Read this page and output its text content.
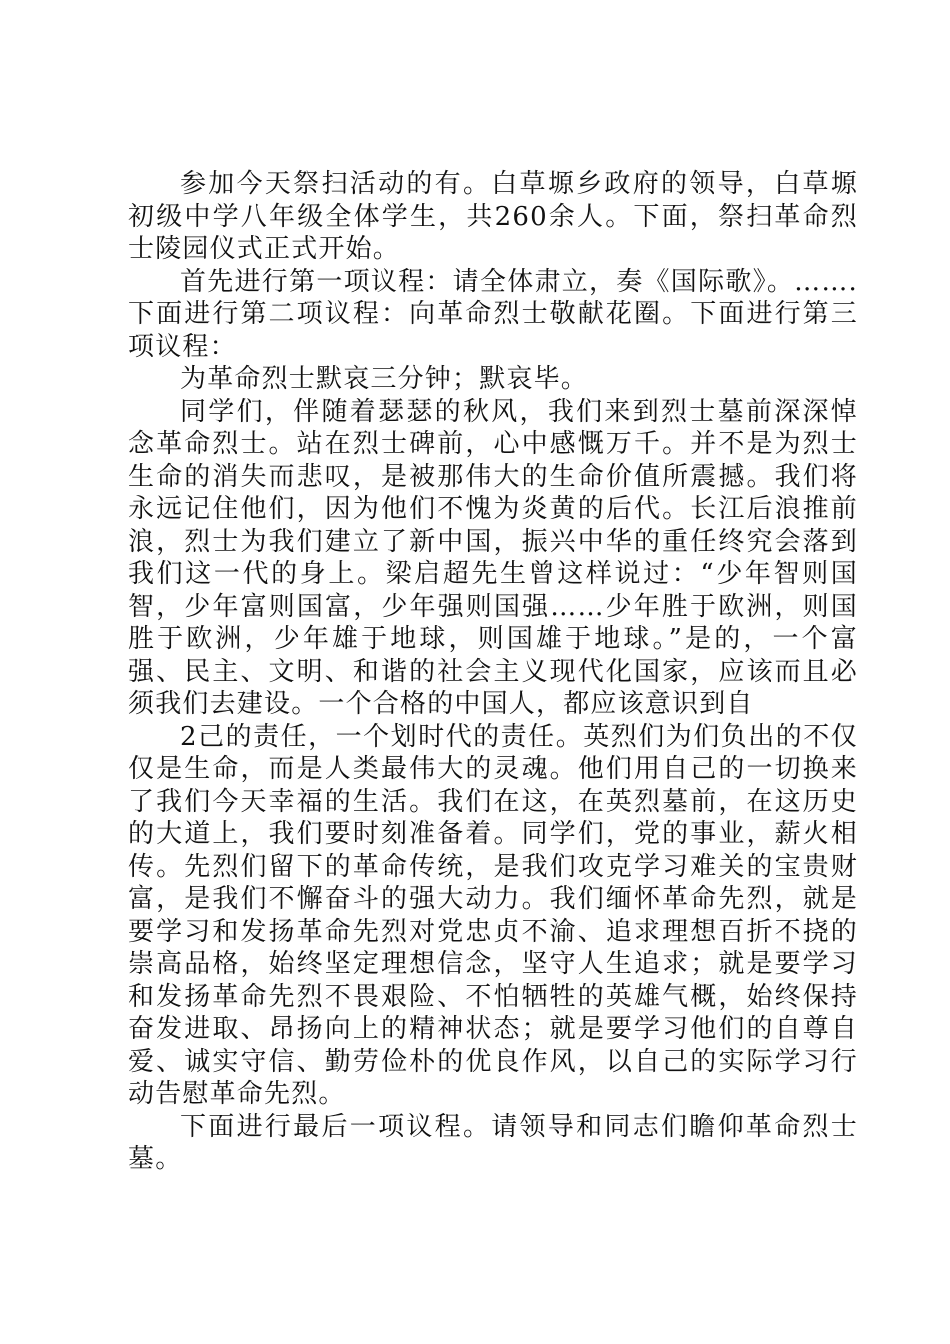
参加今天祭扫活动的有。白草塬乡政府的领导，白草塬初级中学八年级全体学生，共260余人。下面，祭扫革命烈士陵园仪式正式开始。

首先进行第一项议程：请全体肃立，奏《国际歌》。…….下面进行第二项议程：向革命烈士敬献花圈。下面进行第三项议程：

为革命烈士默哀三分钟；默哀毕。

同学们，伴随着瑟瑟的秋风，我们来到烈士墓前深深悼念革命烈士。站在烈士碑前，心中感慨万千。并不是为烈士生命的消失而悲叹，是被那伟大的生命价值所震撼。我们将永远记住他们，因为他们不愧为炎黄的后代。长江后浪推前浪，烈士为我们建立了新中国，振兴中华的重任终究会落到我们这一代的身上。梁启超先生曾这样说过：“少年智则国智，少年富则国富，少年强则国强……少年胜于欧洲，则国胜于欧洲，少年雄于地球，则国雄于地球。”是的，一个富强、民主、文明、和谐的社会主义现代化国家，应该而且必须我们去建设。一个合格的中国人，都应该意识到自

2己的责任，一个划时代的责任。英烈们为们负出的不仅仅是生命，而是人类最伟大的灵魂。他们用自己的一切换来了我们今天幸福的生活。我们在这，在英烈墓前，在这历史的大道上，我们要时刻准备着。同学们，党的事业，薪火相传。先烈们留下的革命传统，是我们攻克学习难关的宝贵财富，是我们不懈奋斗的强大动力。我们缅怀革命先烈，就是要学习和发扬革命先烈对党忠贞不渝、追求理想百折不挠的崇高品格，始终坚定理想信念，坚守人生追求；就是要学习和发扬革命先烈不畏艰险、不怕牺牲的英雄气概，始终保持奋发进取、昂扬向上的精神状态；就是要学习他们的自尊自爱、诚实守信、勤劳俭朴的优良作风，以自己的实际学习行动告慰革命先烈。

下面进行最后一项议程。请领导和同志们瞻仰革命烈士墓。
